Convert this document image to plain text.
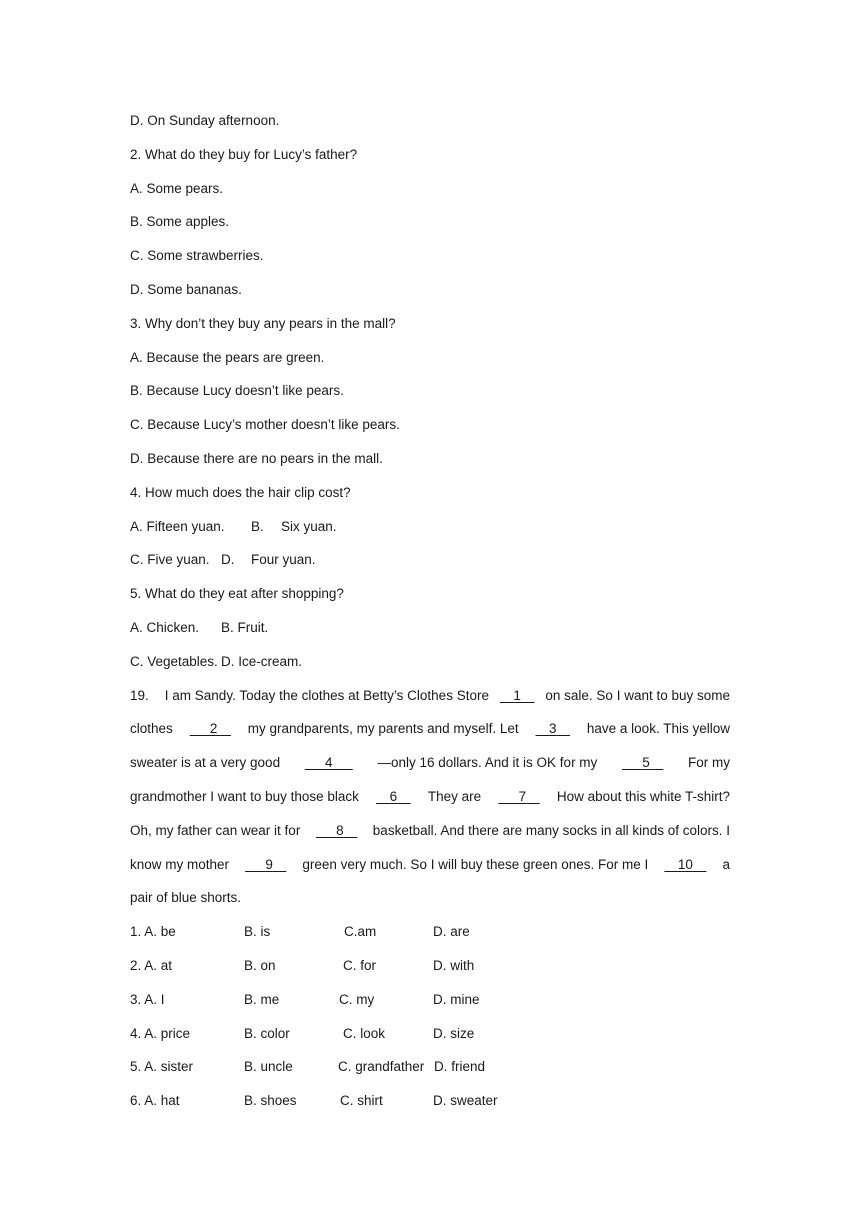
D. On Sunday afternoon.
2. What do they buy for Lucy’s father?
A. Some pears.
B. Some apples.
C. Some strawberries.
D. Some bananas.
3. Why don’t they buy any pears in the mall?
A. Because the pears are green.
B. Because Lucy doesn’t like pears.
C. Because Lucy’s mother doesn’t like pears.
D. Because there are no pears in the mall.
4. How much does the hair clip cost?
A. Fifteen yuan. B. Six yuan.
C. Five yuan. D. Four yuan.
5. What do they eat after shopping?
A. Chicken. B. Fruit.
C. Vegetables. D. Ice-cream.
19. I am Sandy. Today the clothes at Betty’s Clothes Store
  	1  	on sale. So I want to buy some
clothes
   	2  	my grandparents, my parents and myself. Let
  	3  	have a look. This yellow
sweater is at a very good
   	4   	—only 16 dollars. And it is OK for my
   	5  	For my
grandmother I want to buy those black
  	6  	They are
   	7  	How about this white T-shirt?
Oh, my father can wear it for
   	8  	basketball. And there are many socks in all kinds of colors. I
know my mother
   	9  	green very much. So I will buy these green ones. For me I
  	10  	a
pair of blue shorts.
1. A. be	B. is	C.am	D. are
2. A. at	B. on	C. for	D. with
3. A. I	B. me	C. my	D. mine
4. A. price	B. color	C. look	D. size
5. A. sister	B. uncle	C. grandfather D. friend
6. A. hat	B. shoes	C. shirt	D. sweater
